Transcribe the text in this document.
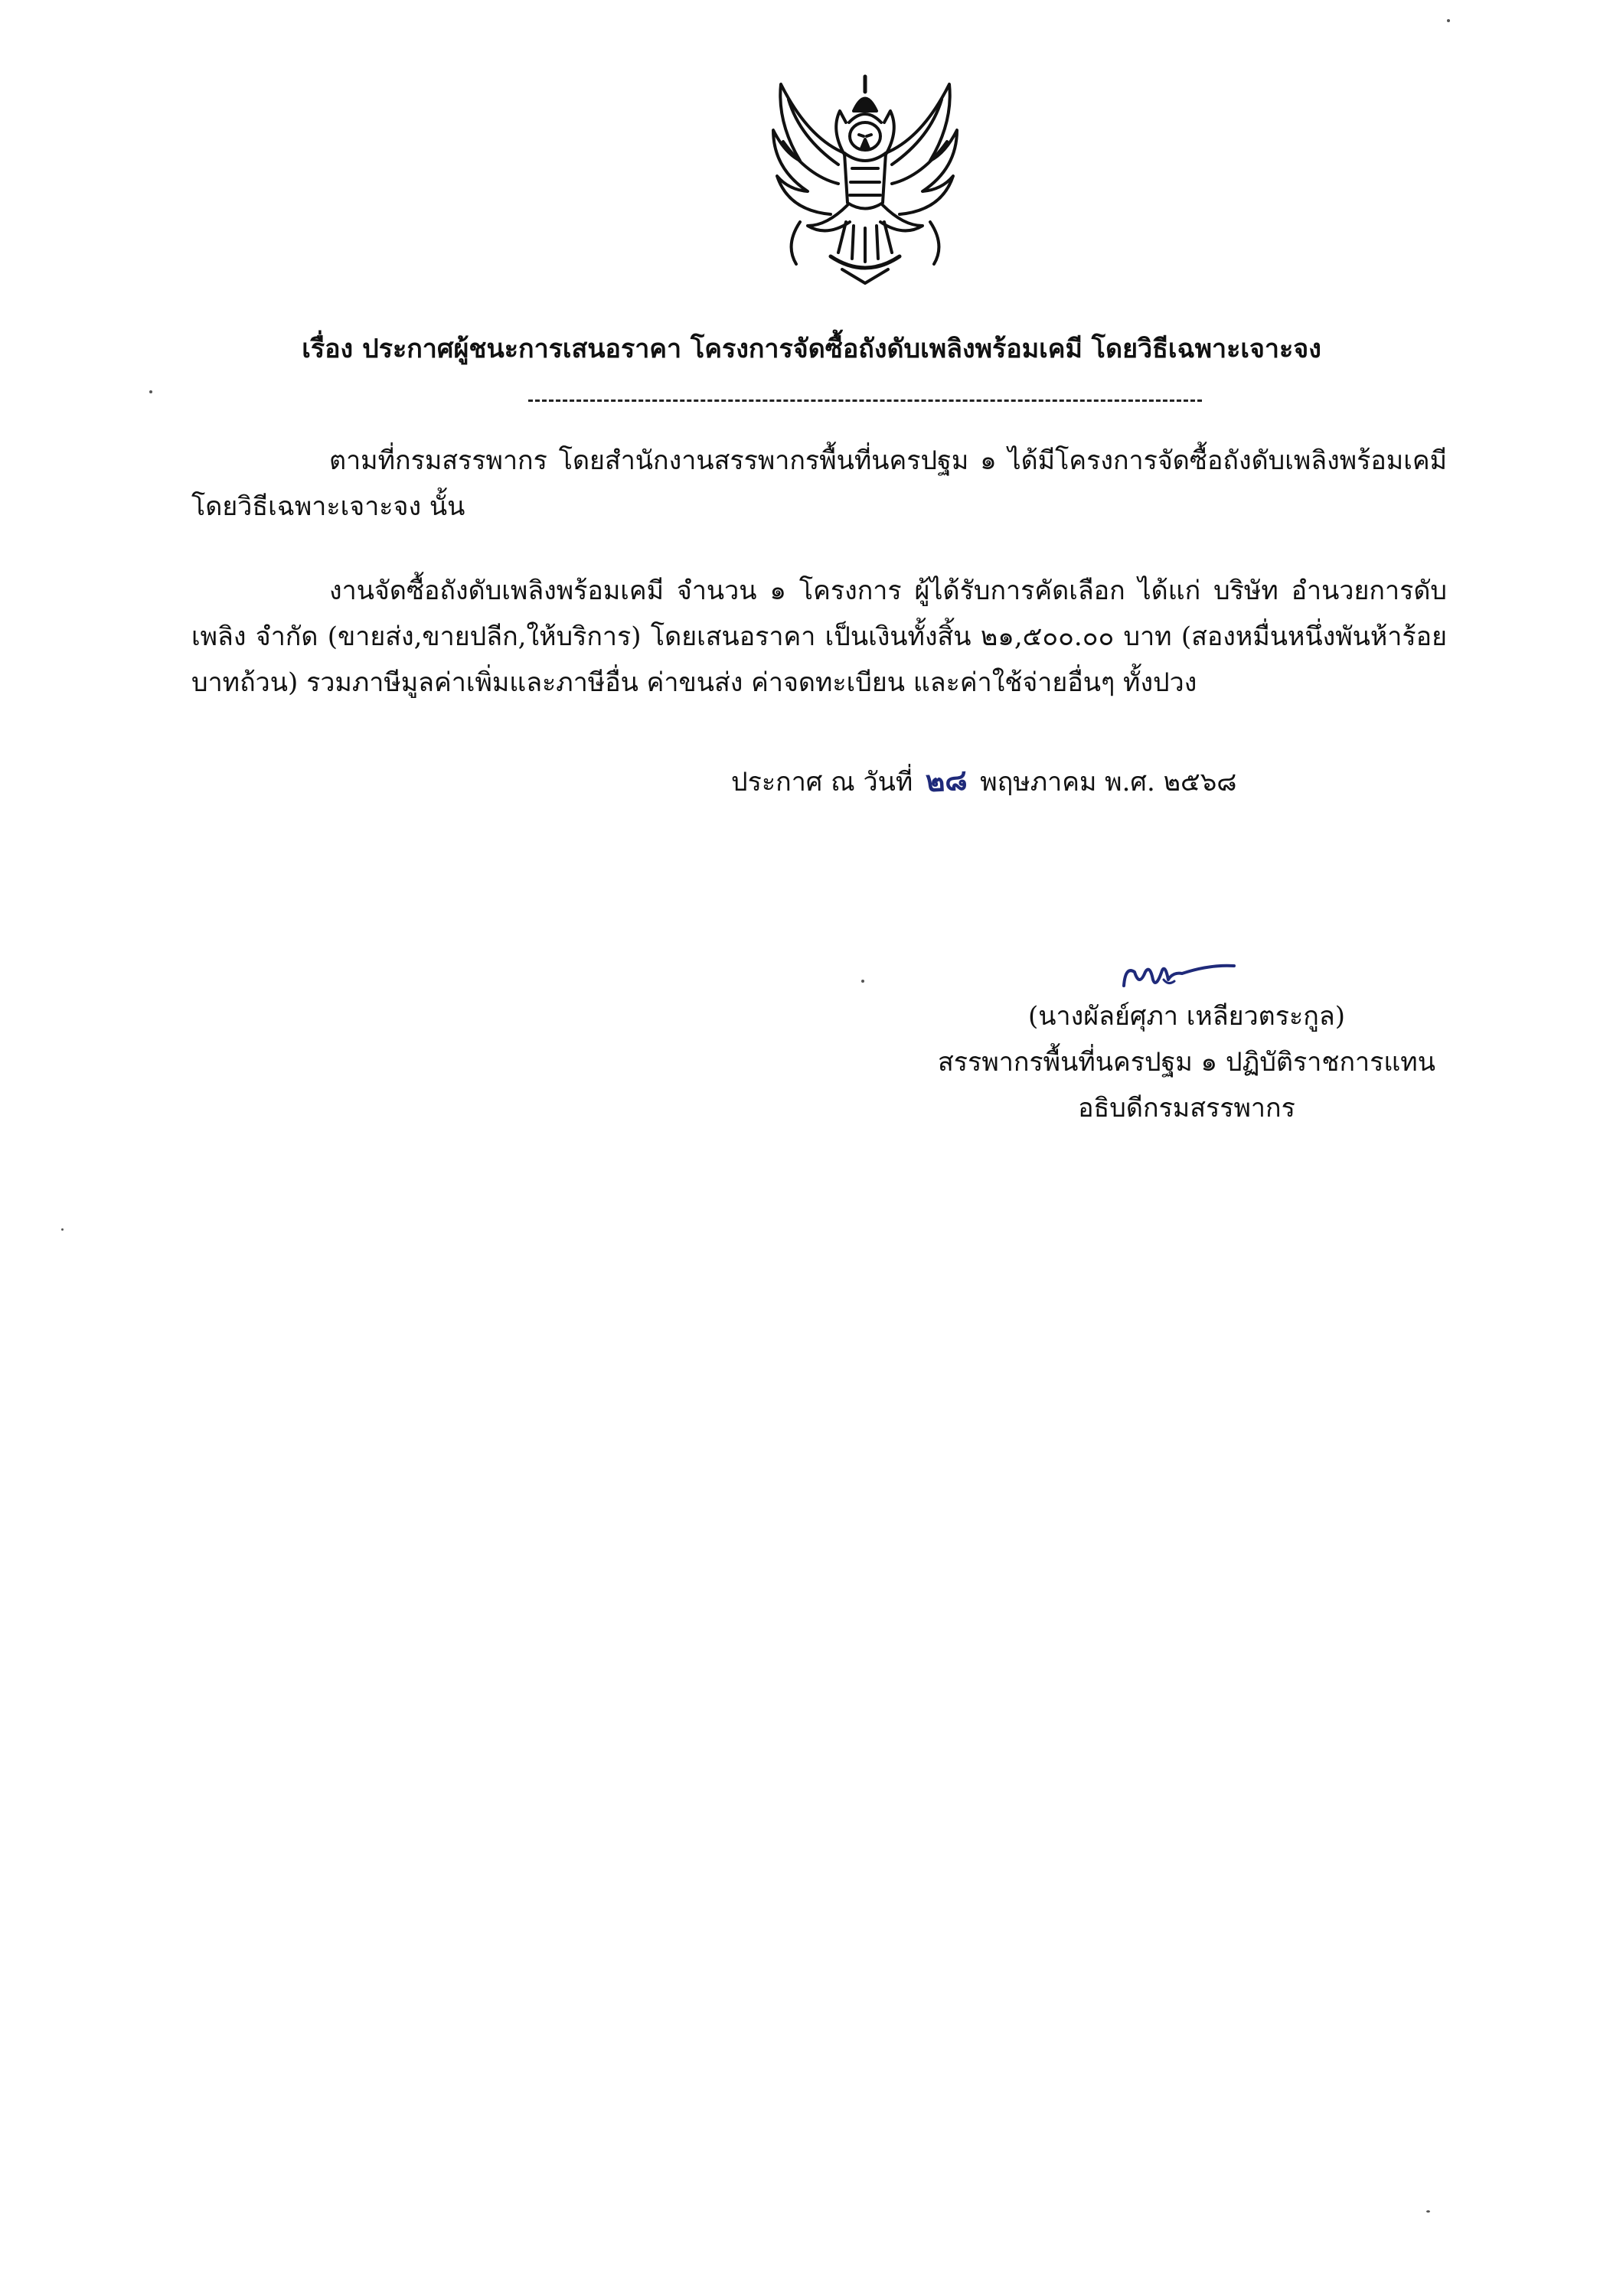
เรื่อง ประกาศผู้ชนะการเสนอราคา โครงการจัดซื้อถังดับเพลิงพร้อมเคมี โดยวิธีเฉพาะเจาะจง
ตามที่กรมสรรพากร โดยสำนักงานสรรพากรพื้นที่นครปฐม ๑ ได้มีโครงการจัดซื้อถังดับเพลิงพร้อมเคมี โดยวิธีเฉพาะเจาะจง นั้น
งานจัดซื้อถังดับเพลิงพร้อมเคมี จำนวน ๑ โครงการ ผู้ได้รับการคัดเลือก ได้แก่ บริษัท อำนวยการดับเพลิง จำกัด (ขายส่ง,ขายปลีก,ให้บริการ) โดยเสนอราคา เป็นเงินทั้งสิ้น ๒๑,๕๐๐.๐๐ บาท (สองหมื่นหนึ่งพันห้าร้อยบาทถ้วน) รวมภาษีมูลค่าเพิ่มและภาษีอื่น ค่าขนส่ง ค่าจดทะเบียน และค่าใช้จ่ายอื่นๆ ทั้งปวง
ประกาศ ณ วันที่ ๒๘ พฤษภาคม พ.ศ. ๒๕๖๘
(นางผัลย์ศุภา เหลียวตระกูล)
สรรพากรพื้นที่นครปฐม ๑ ปฏิบัติราชการแทน
อธิบดีกรมสรรพากร
